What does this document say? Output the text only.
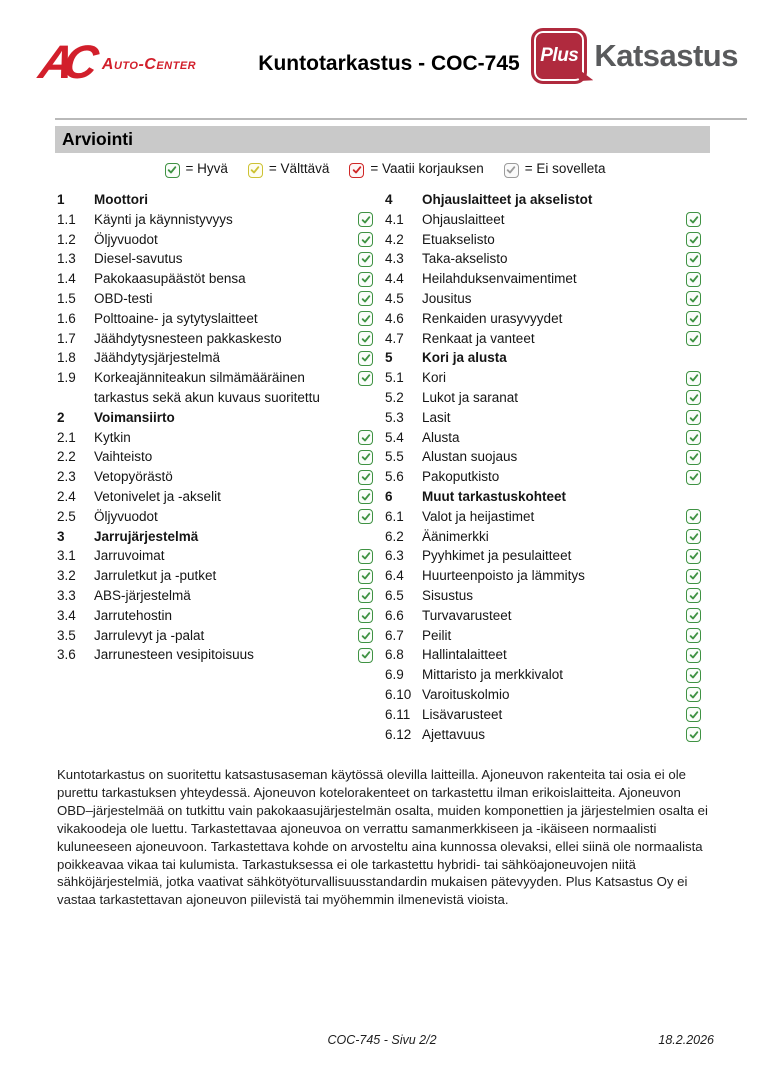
AC Auto-Center	Kuntotarkastus - COC-745	Plus Katsastus
Arviointi
= Hyvä	= Välttävä	= Vaatii korjauksen	= Ei sovelleta
1	Moottori
1.1	Käynti ja käynnistyvyys
1.2	Öljyvuodot
1.3	Diesel-savutus
1.4	Pakokaasupäästöt bensa
1.5	OBD-testi
1.6	Polttoaine- ja sytytyslaitteet
1.7	Jäähdytysnesteen pakkaskesto
1.8	Jäähdytysjärjestelmä
1.9	Korkeajänniteakun silmämääräinen tarkastus sekä akun kuvaus suoritettu
2	Voimansiirto
2.1	Kytkin
2.2	Vaihteisto
2.3	Vetopyörästö
2.4	Vetonivelet ja -akselit
2.5	Öljyvuodot
3	Jarrujärjestelmä
3.1	Jarruvoimat
3.2	Jarruletkut ja -putket
3.3	ABS-järjestelmä
3.4	Jarrutehostin
3.5	Jarrulevyt ja -palat
3.6	Jarrunesteen vesipitoisuus
4	Ohjauslaitteet ja akselistot
4.1	Ohjauslaitteet
4.2	Etuakselisto
4.3	Taka-akselisto
4.4	Heilahduksenvaimentimet
4.5	Jousitus
4.6	Renkaiden urasyvyydet
4.7	Renkaat ja vanteet
5	Kori ja alusta
5.1	Kori
5.2	Lukot ja saranat
5.3	Lasit
5.4	Alusta
5.5	Alustan suojaus
5.6	Pakoputkisto
6	Muut tarkastuskohteet
6.1	Valot ja heijastimet
6.2	Äänimerkki
6.3	Pyyhkimet ja pesulaitteet
6.4	Huurteenpoisto ja lämmitys
6.5	Sisustus
6.6	Turvavarusteet
6.7	Peilit
6.8	Hallintalaitteet
6.9	Mittaristo ja merkkivalot
6.10 Varoituskolmio
6.11 Lisävarusteet
6.12 Ajettavuus
Kuntotarkastus on suoritettu katsastusaseman käytössä olevilla laitteilla. Ajoneuvon rakenteita tai osia ei ole purettu tarkastuksen yhteydessä. Ajoneuvon kotelorakenteet on tarkastettu ilman erikoislaitteita. Ajoneuvon OBD–järjestelmää on tutkittu vain pakokaasujärjestelmän osalta, muiden komponettien ja järjestelmien osalta ei vikakoodeja ole luettu. Tarkastettavaa ajoneuvoa on verrattu samanmerkkiseen ja -ikäiseen normaalisti kuluneeseen ajoneuvoon. Tarkastettava kohde on arvosteltu aina kunnossa olevaksi, ellei siinä ole normaalista poikkeavaa vikaa tai kulumista. Tarkastuksessa ei ole tarkastettu hybridi- tai sähköajoneuvojen niitä sähköjärjestelmiä, jotka vaativat sähkötyöturvallisuusstandardin mukaisen pätevyyden. Plus Katsastus Oy ei vastaa tarkastettavan ajoneuvon piilevistä tai myöhemmin ilmenevistä vioista.
COC-745 - Sivu 2/2	18.2.2026
